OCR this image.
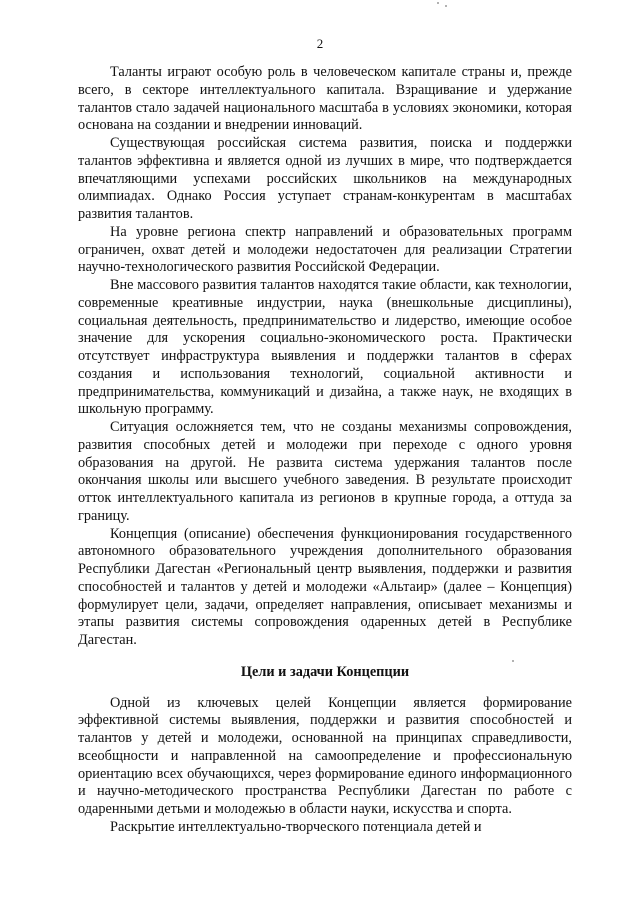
2

Таланты играют особую роль в человеческом капитале страны и, прежде всего, в секторе интеллектуального капитала. Взращивание и удержание талантов стало задачей национального масштаба в условиях экономики, которая основана на создании и внедрении инноваций.

Существующая российская система развития, поиска и поддержки талантов эффективна и является одной из лучших в мире, что подтверждается впечатляющими успехами российских школьников на международных олимпиадах. Однако Россия уступает странам-конкурентам в масштабах развития талантов.

На уровне региона спектр направлений и образовательных программ ограничен, охват детей и молодежи недостаточен для реализации Стратегии научно-технологического развития Российской Федерации.

Вне массового развития талантов находятся такие области, как технологии, современные креативные индустрии, наука (внешкольные дисциплины), социальная деятельность, предпринимательство и лидерство, имеющие особое значение для ускорения социально-экономического роста. Практически отсутствует инфраструктура выявления и поддержки талантов в сферах создания и использования технологий, социальной активности и предпринимательства, коммуникаций и дизайна, а также наук, не входящих в школьную программу.

Ситуация осложняется тем, что не созданы механизмы сопровождения, развития способных детей и молодежи при переходе с одного уровня образования на другой. Не развита система удержания талантов после окончания школы или высшего учебного заведения. В результате происходит отток интеллектуального капитала из регионов в крупные города, а оттуда за границу.

Концепция (описание) обеспечения функционирования государственного автономного образовательного учреждения дополнительного образования Республики Дагестан «Региональный центр выявления, поддержки и развития способностей и талантов у детей и молодежи «Альтаир» (далее – Концепция) формулирует цели, задачи, определяет направления, описывает механизмы и этапы развития системы сопровождения одаренных детей в Республике Дагестан.

Цели и задачи Концепции

Одной из ключевых целей Концепции является формирование эффективной системы выявления, поддержки и развития способностей и талантов у детей и молодежи, основанной на принципах справедливости, всеобщности и направленной на самоопределение и профессиональную ориентацию всех обучающихся, через формирование единого информационного и научно-методического пространства Республики Дагестан по работе с одаренными детьми и молодежью в области науки, искусства и спорта.

Раскрытие интеллектуально-творческого потенциала детей и
